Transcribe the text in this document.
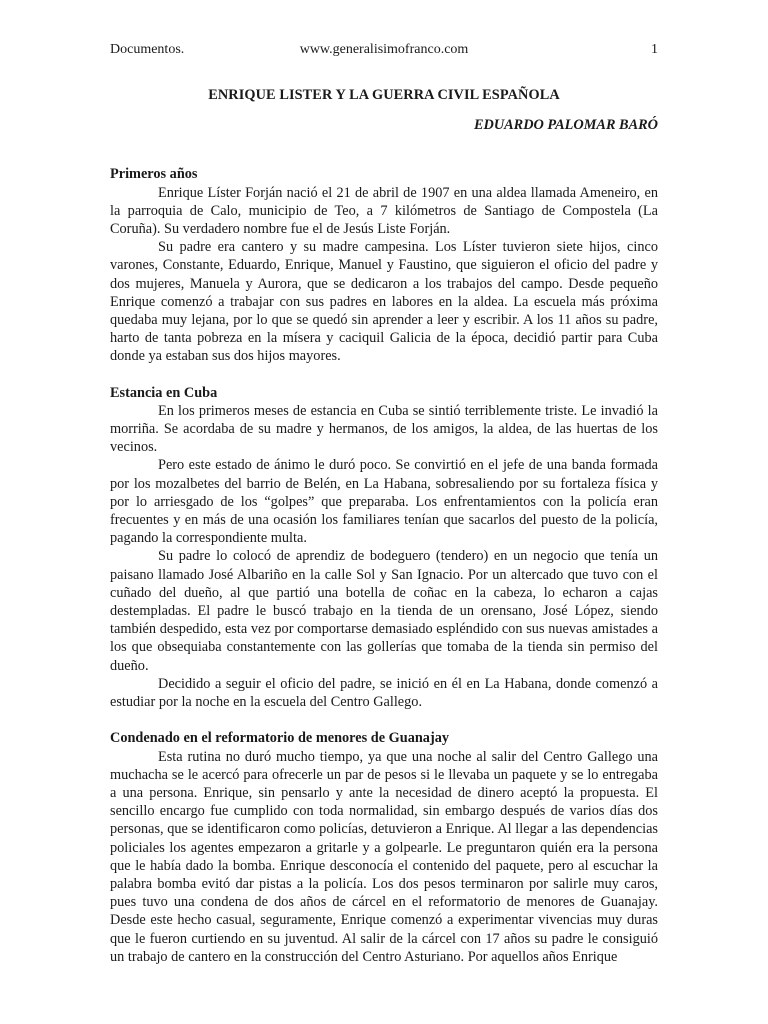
Documentos.	www.generalisimofranco.com	1
ENRIQUE LISTER Y LA GUERRA CIVIL ESPAÑOLA

EDUARDO PALOMAR BARÓ

Primeros años

Enrique Líster Forján nació el 21 de abril de 1907 en una aldea llamada Ameneiro, en la parroquia de Calo, municipio de Teo, a 7 kilómetros de Santiago de Compostela (La Coruña). Su verdadero nombre fue el de Jesús Liste Forján.

Su padre era cantero y su madre campesina. Los Líster tuvieron siete hijos, cinco varones, Constante, Eduardo, Enrique, Manuel y Faustino, que siguieron el oficio del padre y dos mujeres, Manuela y Aurora, que se dedicaron a los trabajos del campo. Desde pequeño Enrique comenzó a trabajar con sus padres en labores en la aldea. La escuela más próxima quedaba muy lejana, por lo que se quedó sin aprender a leer y escribir. A los 11 años su padre, harto de tanta pobreza en la mísera y caciquil Galicia de la época, decidió partir para Cuba donde ya estaban sus dos hijos mayores.

Estancia en Cuba

En los primeros meses de estancia en Cuba se sintió terriblemente triste. Le invadió la morriña. Se acordaba de su madre y hermanos, de los amigos, la aldea, de las huertas de los vecinos.

Pero este estado de ánimo le duró poco. Se convirtió en el jefe de una banda formada por los mozalbetes del barrio de Belén, en La Habana, sobresaliendo por su fortaleza física y por lo arriesgado de los “golpes” que preparaba. Los enfrentamientos con la policía eran frecuentes y en más de una ocasión los familiares tenían que sacarlos del puesto de la policía, pagando la correspondiente multa.

Su padre lo colocó de aprendiz de bodeguero (tendero) en un negocio que tenía un paisano llamado José Albariño en la calle Sol y San Ignacio. Por un altercado que tuvo con el cuñado del dueño, al que partió una botella de coñac en la cabeza, lo echaron a cajas destempladas. El padre le buscó trabajo en la tienda de un orensano, José López, siendo también despedido, esta vez por comportarse demasiado espléndido con sus nuevas amistades a los que obsequiaba constantemente con las gollerías que tomaba de la tienda sin permiso del dueño.

Decidido a seguir el oficio del padre, se inició en él en La Habana, donde comenzó a estudiar por la noche en la escuela del Centro Gallego.

Condenado en el reformatorio de menores de Guanajay

Esta rutina no duró mucho tiempo, ya que una noche al salir del Centro Gallego una muchacha se le acercó para ofrecerle un par de pesos si le llevaba un paquete y se lo entregaba a una persona. Enrique, sin pensarlo y ante la necesidad de dinero aceptó la propuesta. El sencillo encargo fue cumplido con toda normalidad, sin embargo después de varios días dos personas, que se identificaron como policías, detuvieron a Enrique. Al llegar a las dependencias policiales los agentes empezaron a gritarle y a golpearle. Le preguntaron quién era la persona que le había dado la bomba. Enrique desconocía el contenido del paquete, pero al escuchar la palabra bomba evitó dar pistas a la policía. Los dos pesos terminaron por salirle muy caros, pues tuvo una condena de dos años de cárcel en el reformatorio de menores de Guanajay. Desde este hecho casual, seguramente, Enrique comenzó a experimentar vivencias muy duras que le fueron curtiendo en su juventud. Al salir de la cárcel con 17 años su padre le consiguió un trabajo de cantero en la construcción del Centro Asturiano. Por aquellos años Enrique
